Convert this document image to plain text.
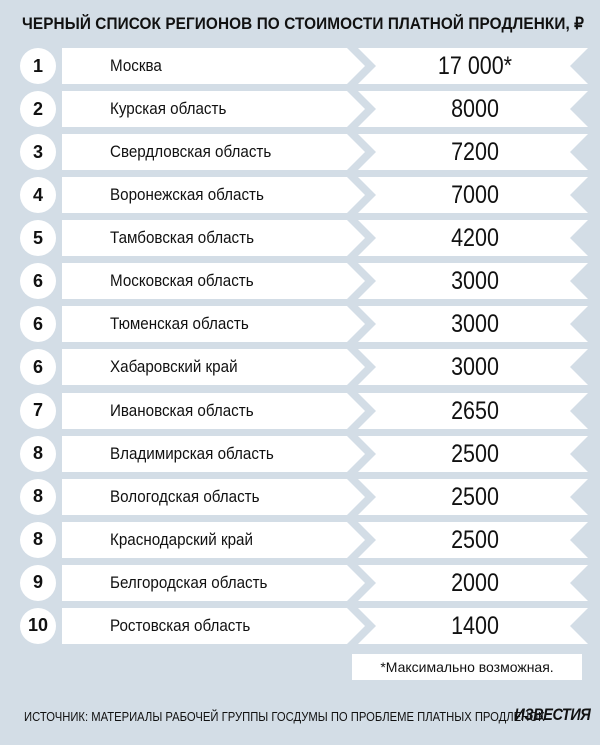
ЧЕРНЫЙ СПИСОК РЕГИОНОВ ПО СТОИМОСТИ ПЛАТНОЙ ПРОДЛЕНКИ, ₽
1	Москва	17 000*
2	Курская область	8000
3	Свердловская область	7200
4	Воронежская область	7000
5	Тамбовская область	4200
6	Московская область	3000
6	Тюменская область	3000
6	Хабаровский край	3000
7	Ивановская область	2650
8	Владимирская область	2500
8	Вологодская область	2500
8	Краснодарский край	2500
9	Белгородская область	2000
10	Ростовская область	1400
*Максимально возможная.
ИСТОЧНИК: МАТЕРИАЛЫ РАБОЧЕЙ ГРУППЫ ГОСДУМЫ ПО ПРОБЛЕМЕ ПЛАТНЫХ ПРОДЛЕНОК
ИЗВЕСТИЯ
